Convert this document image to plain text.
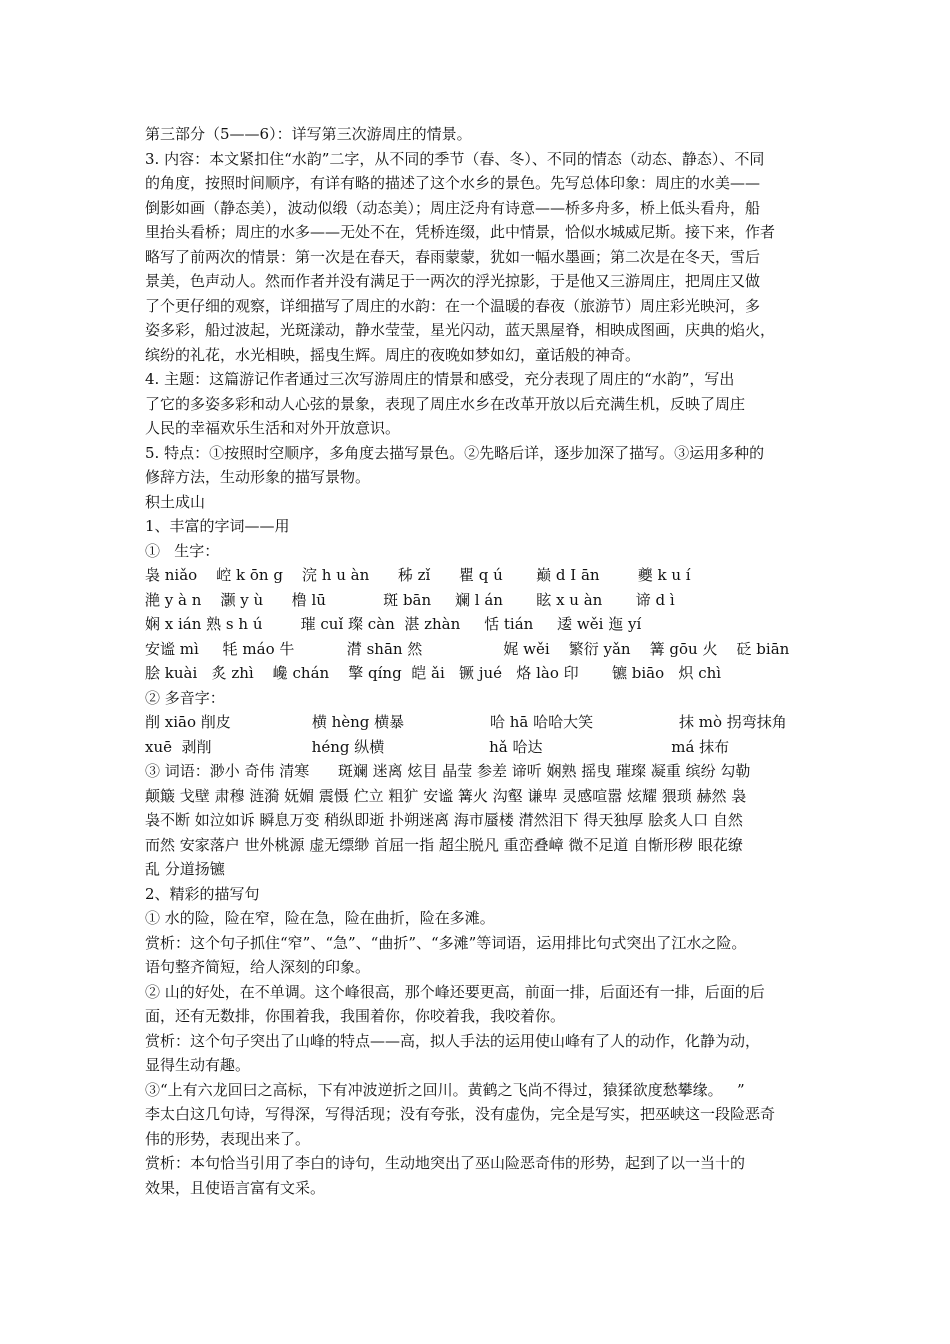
第三部分（5——6）：详写第三次游周庄的情景。
3. 内容：本文紧扣住“水韵”二字，从不同的季节（春、冬）、不同的情态（动态、静态）、不同
的角度，按照时间顺序，有详有略的描述了这个水乡的景色。先写总体印象：周庄的水美——
倒影如画（静态美），波动似缎（动态美）；周庄泛舟有诗意——桥多舟多，桥上低头看舟，船
里抬头看桥；周庄的水多——无处不在，凭桥连缀，此中情景，恰似水城威尼斯。接下来，作者
略写了前两次的情景：第一次是在春天，春雨蒙蒙，犹如一幅水墨画；第二次是在冬天，雪后
景美，色声动人。然而作者并没有满足于一两次的浮光掠影，于是他又三游周庄，把周庄又做
了个更仔细的观察，详细描写了周庄的水韵：在一个温暖的春夜（旅游节）周庄彩光映河，多
姿多彩，船过波起，光斑漾动，静水莹莹，星光闪动，蓝天黑屋脊，相映成图画，庆典的焰火，
缤纷的礼花，水光相映，摇曳生辉。周庄的夜晚如梦如幻，童话般的神奇。
4. 主题：这篇游记作者通过三次写游周庄的情景和感受，充分表现了周庄的“水韵”，写出
了它的多姿多彩和动人心弦的景象，表现了周庄水乡在改革开放以后充满生机，反映了周庄
人民的幸福欢乐生活和对外开放意识。
5. 特点：①按照时空顺序，多角度去描写景色。②先略后详，逐步加深了描写。③运用多种的
修辞方法，生动形象的描写景物。
积土成山
1、丰富的字词——用
①   生字：
袅 niǎo    崆 k ōn g    浣 h u àn      秭 zǐ      瞿 q ú       巅 d I ān        夔 k u í
滟 y à n    灏 y ù      橹 lū            斑 bān     斓 l án       眩 x u àn       谛 d ì
娴 x ián 熟 s h ú        璀 cuǐ 璨 càn  湛 zhàn     恬 tián     逶 wěi 迤 yí
安谧 mì     牦 máo 牛           潸 shān 然                 娓 wěi    繁衍 yǎn    篝 gōu 火    砭 biān
脍 kuài   炙 zhì    巉 chán    擎 qíng  皑 ǎi   镢 jué   烙 lào 印       镳 biāo   炽 chì
② 多音字：
削 xiāo 削皮                 横 hèng 横暴                  哈 hā 哈哈大笑                  抹 mò 拐弯抹角
xuē  剥削                     héng 纵横                      hǎ 哈达                           má 抹布
③ 词语：渺小 奇伟 清寒      斑斓 迷离 炫目 晶莹 参差 谛听 娴熟 摇曳 璀璨 凝重 缤纷 勾勒
颠簸 戈壁 肃穆 涟漪 妩媚 震慑 伫立 粗犷 安谧 篝火 沟壑 谦卑 灵感喧嚣 炫耀 猥琐 赫然 袅
袅不断 如泣如诉 瞬息万变 稍纵即逝 扑朔迷离 海市蜃楼 潸然泪下 得天独厚 脍炙人口 自然
而然 安家落户 世外桃源 虚无缥缈 首屈一指 超尘脱凡 重峦叠嶂 微不足道 自惭形秽 眼花缭
乱 分道扬镳
2、精彩的描写句
① 水的险，险在窄，险在急，险在曲折，险在多滩。
赏析：这个句子抓住“窄”、“急”、“曲折”、“多滩”等词语，运用排比句式突出了江水之险。
语句整齐简短，给人深刻的印象。
② 山的好处，在不单调。这个峰很高，那个峰还要更高，前面一排，后面还有一排，后面的后
面，还有无数排，你围着我，我围着你，你咬着我，我咬着你。
赏析：这个句子突出了山峰的特点——高，拟人手法的运用使山峰有了人的动作，化静为动，
显得生动有趣。
③“上有六龙回曰之高标，下有冲波逆折之回川。黄鹤之飞尚不得过，猿猱欲度愁攀缘。   ”
李太白这几句诗，写得深，写得活现；没有夸张，没有虚伪，完全是写实，把巫峡这一段险恶奇
伟的形势，表现出来了。
赏析：本句恰当引用了李白的诗句，生动地突出了巫山险恶奇伟的形势，起到了以一当十的
效果，且使语言富有文采。
